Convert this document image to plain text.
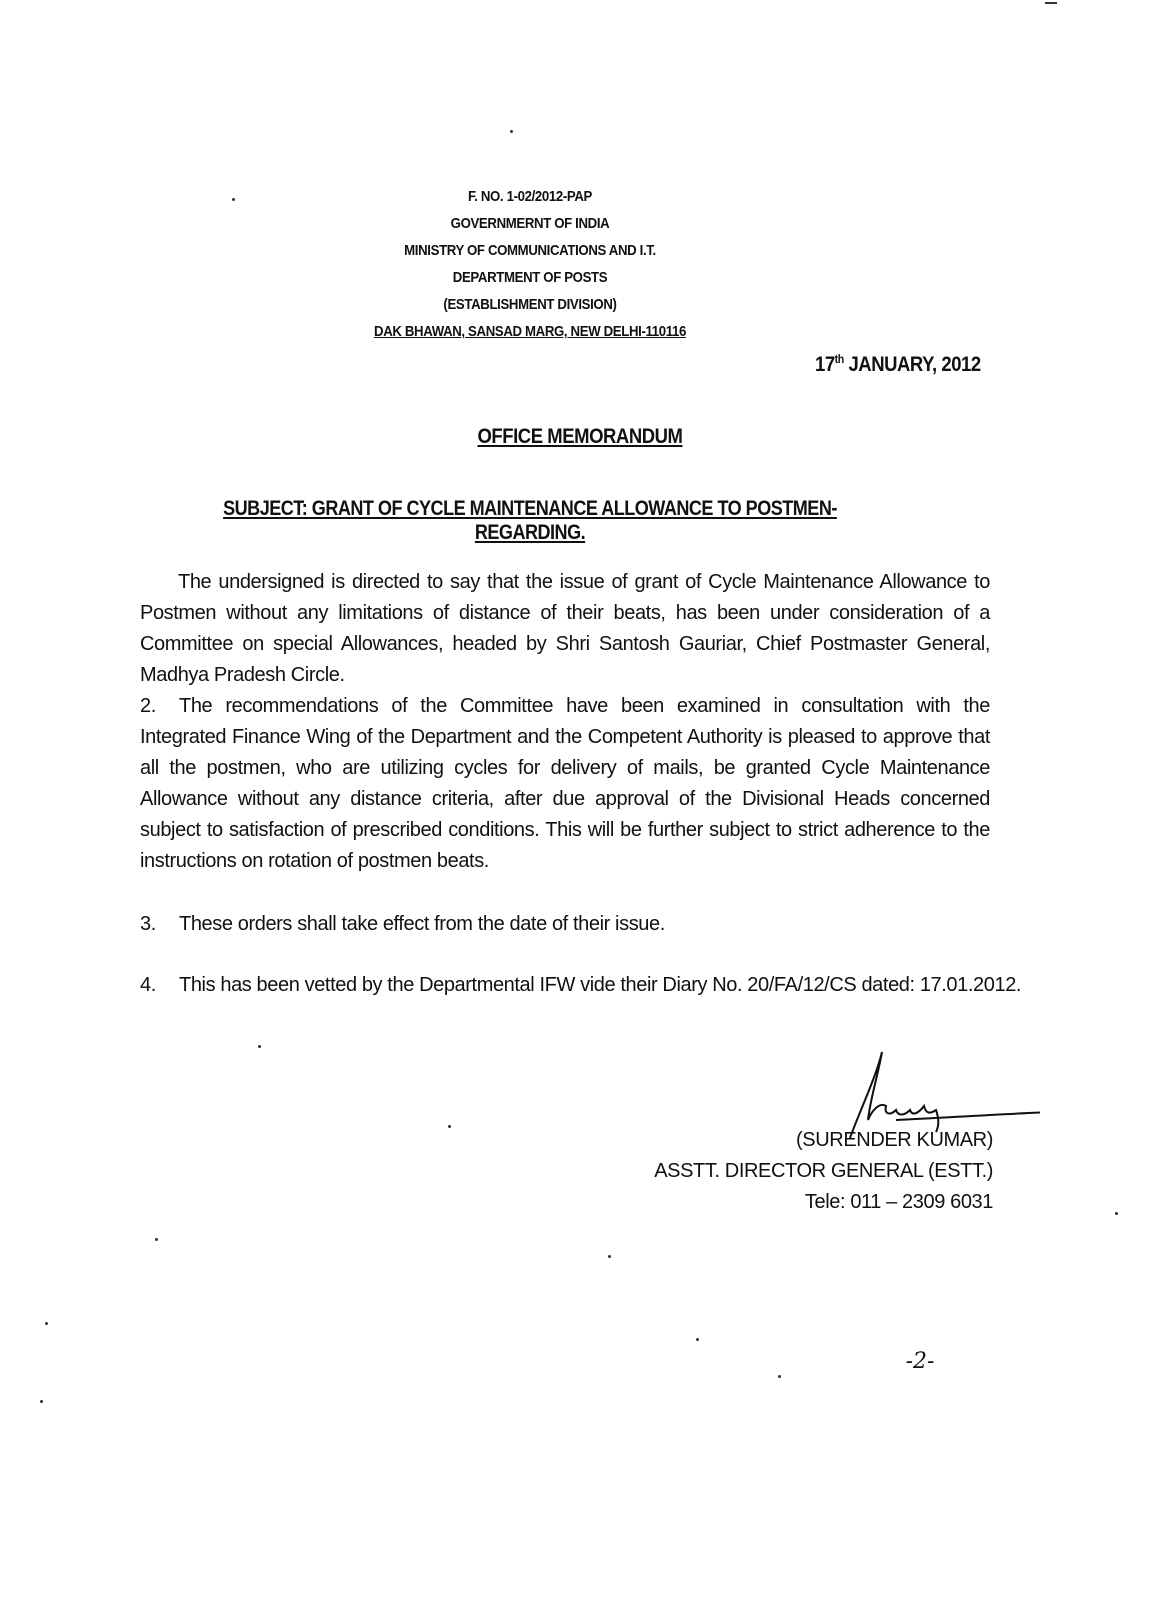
F. NO. 1-02/2012-PAP
GOVERNMERNT OF INDIA
MINISTRY OF COMMUNICATIONS AND I.T.
DEPARTMENT OF POSTS
(ESTABLISHMENT DIVISION)
DAK BHAWAN, SANSAD MARG, NEW DELHI-110116
17th JANUARY, 2012
OFFICE MEMORANDUM
SUBJECT: GRANT OF CYCLE MAINTENANCE ALLOWANCE TO POSTMEN-REGARDING.

The undersigned is directed to say that the issue of grant of Cycle Maintenance Allowance to Postmen without any limitations of distance of their beats, has been under consideration of a Committee on special Allowances, headed by Shri Santosh Gauriar, Chief Postmaster General, Madhya Pradesh Circle.

2. The recommendations of the Committee have been examined in consultation with the Integrated Finance Wing of the Department and the Competent Authority is pleased to approve that all the postmen, who are utilizing cycles for delivery of mails, be granted Cycle Maintenance Allowance without any distance criteria, after due approval of the Divisional Heads concerned subject to satisfaction of prescribed conditions. This will be further subject to strict adherence to the instructions on rotation of postmen beats.

3. These orders shall take effect from the date of their issue.
4. This has been vetted by the Departmental IFW vide their Diary No. 20/FA/12/CS dated: 17.01.2012.
(SURENDER KUMAR)
ASSTT. DIRECTOR GENERAL (ESTT.)
Tele: 011 – 2309 6031
-2-
